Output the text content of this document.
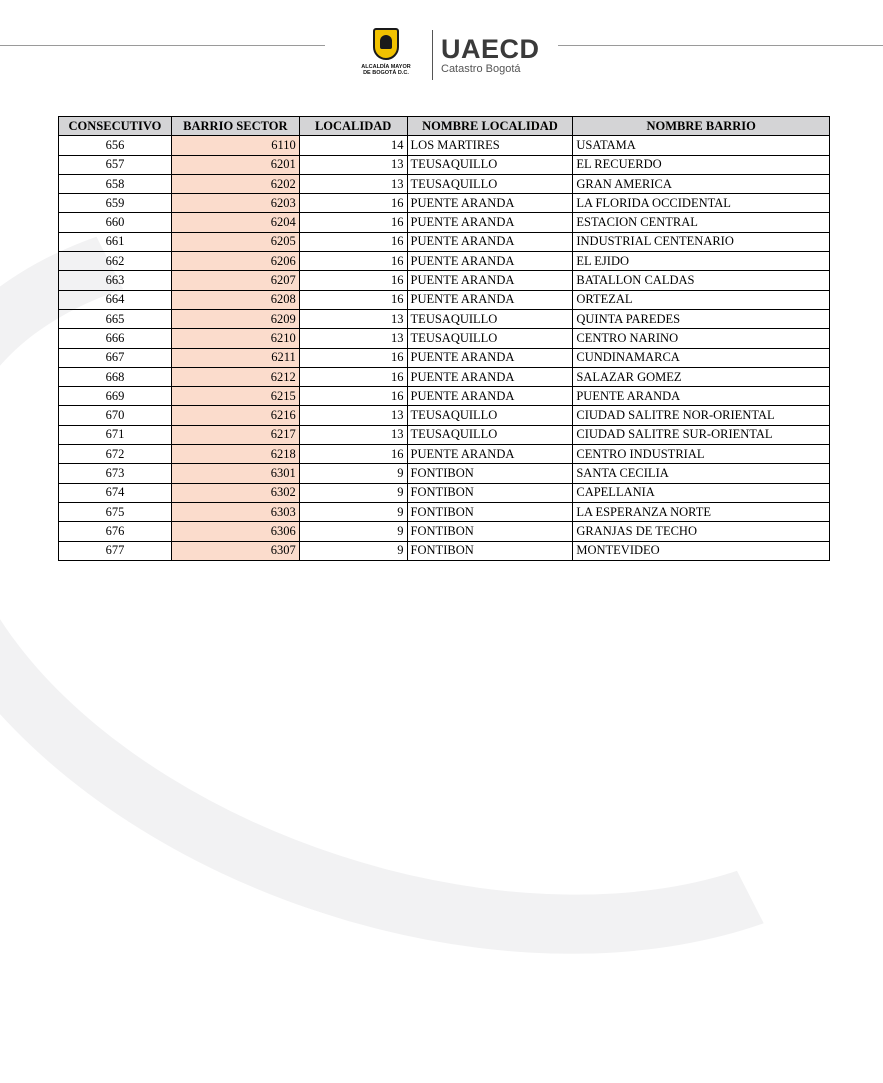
ALCALDÍA MAYOR
DE BOGOTÁ D.C.
UAECD
Catastro Bogotá
CONSECUTIVO	BARRIO SECTOR	LOCALIDAD	NOMBRE LOCALIDAD	NOMBRE BARRIO
656	6110	14	LOS MARTIRES	USATAMA
657	6201	13	TEUSAQUILLO	EL RECUERDO
658	6202	13	TEUSAQUILLO	GRAN AMERICA
659	6203	16	PUENTE ARANDA	LA FLORIDA OCCIDENTAL
660	6204	16	PUENTE ARANDA	ESTACION CENTRAL
661	6205	16	PUENTE ARANDA	INDUSTRIAL CENTENARIO
662	6206	16	PUENTE ARANDA	EL EJIDO
663	6207	16	PUENTE ARANDA	BATALLON CALDAS
664	6208	16	PUENTE ARANDA	ORTEZAL
665	6209	13	TEUSAQUILLO	QUINTA PAREDES
666	6210	13	TEUSAQUILLO	CENTRO NARINO
667	6211	16	PUENTE ARANDA	CUNDINAMARCA
668	6212	16	PUENTE ARANDA	SALAZAR GOMEZ
669	6215	16	PUENTE ARANDA	PUENTE ARANDA
670	6216	13	TEUSAQUILLO	CIUDAD SALITRE NOR-ORIENTAL
671	6217	13	TEUSAQUILLO	CIUDAD SALITRE SUR-ORIENTAL
672	6218	16	PUENTE ARANDA	CENTRO INDUSTRIAL
673	6301	9	FONTIBON	SANTA CECILIA
674	6302	9	FONTIBON	CAPELLANIA
675	6303	9	FONTIBON	LA ESPERANZA NORTE
676	6306	9	FONTIBON	GRANJAS DE TECHO
677	6307	9	FONTIBON	MONTEVIDEO
